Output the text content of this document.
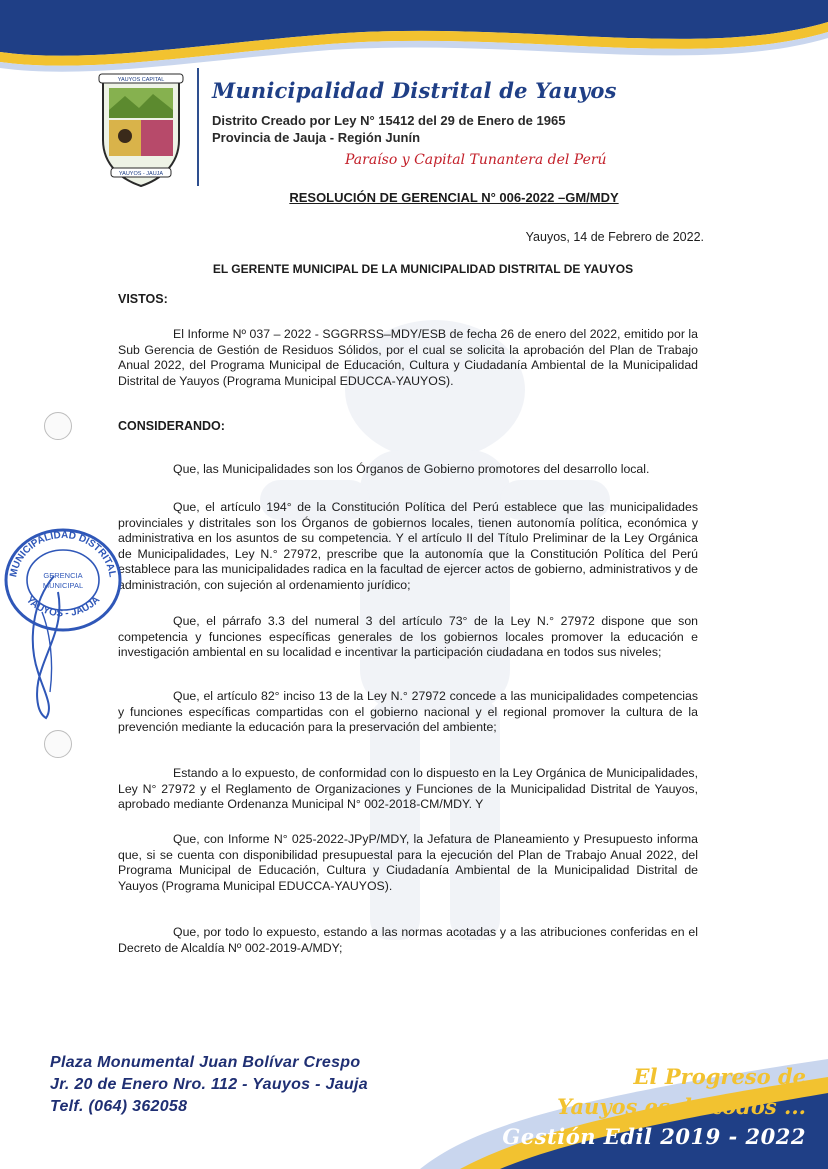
YAUYOS CAPITAL
YAUYOS - JAUJA
Municipalidad Distrital de Yauyos

Distrito Creado por Ley N° 15412 del 29 de Enero de 1965

Provincia de Jauja - Región Junín

Paraíso y Capital Tunantera del Perú

RESOLUCIÓN DE GERENCIAL N° 006-2022 –GM/MDY

Yauyos, 14 de Febrero de 2022.

EL GERENTE MUNICIPAL DE LA MUNICIPALIDAD DISTRITAL DE YAUYOS

VISTOS:

El Informe Nº 037 – 2022 - SGGRRSS–MDY/ESB de fecha 26 de enero del 2022, emitido por la Sub Gerencia de Gestión de Residuos Sólidos, por el cual se solicita la aprobación del Plan de Trabajo Anual 2022, del Programa Municipal de Educación, Cultura y Ciudadanía Ambiental de la Municipalidad Distrital de Yauyos (Programa Municipal EDUCCA-YAUYOS).

CONSIDERANDO:

Que, las Municipalidades son los Órganos de Gobierno promotores del desarrollo local.

Que, el artículo 194° de la Constitución Política del Perú establece que las municipalidades provinciales y distritales son los Órganos de gobiernos locales, tienen autonomía política, económica y administrativa en los asuntos de su competencia. Y el artículo II del Título Preliminar de la Ley Orgánica de Municipalidades, Ley N.° 27972, prescribe que la autonomía que la Constitución Política del Perú establece para las municipalidades radica en la facultad de ejercer actos de gobierno, administrativos y de administración, con sujeción al ordenamiento jurídico;

Que, el párrafo 3.3 del numeral 3 del artículo 73° de la Ley N.° 27972 dispone que son competencia y funciones específicas generales de los gobiernos locales promover la educación e investigación ambiental en su localidad e incentivar la participación ciudadana en todos sus niveles;

Que, el artículo 82° inciso 13 de la Ley N.° 27972 concede a las municipalidades competencias y funciones específicas compartidas con el gobierno nacional y el regional promover la cultura de la prevención mediante la educación para la preservación del ambiente;

Estando a lo expuesto, de conformidad con lo dispuesto en la Ley Orgánica de Municipalidades, Ley N° 27972 y el Reglamento de Organizaciones y Funciones de la Municipalidad Distrital de Yauyos, aprobado mediante Ordenanza Municipal N° 002-2018-CM/MDY. Y

Que, con Informe N° 025-2022-JPyP/MDY, la Jefatura de Planeamiento y Presupuesto informa que, si se cuenta con disponibilidad presupuestal para la ejecución del Plan de Trabajo Anual 2022, del Programa Municipal de Educación, Cultura y Ciudadanía Ambiental de la Municipalidad Distrital de Yauyos (Programa Municipal EDUCCA-YAUYOS).

Que, por todo lo expuesto, estando a las normas acotadas y a las atribuciones conferidas en el Decreto de Alcaldía Nº 002-2019-A/MDY;

MUNICIPALIDAD DISTRITAL
YAUYOS - JAUJA
GERENCIA
MUNICIPAL

Plaza Monumental Juan Bolívar Crespo

Jr. 20 de Enero Nro. 112 - Yauyos - Jauja

Telf. (064) 362058

El Progreso de

Yauyos es de todos ...

Gestión Edil 2019 - 2022
